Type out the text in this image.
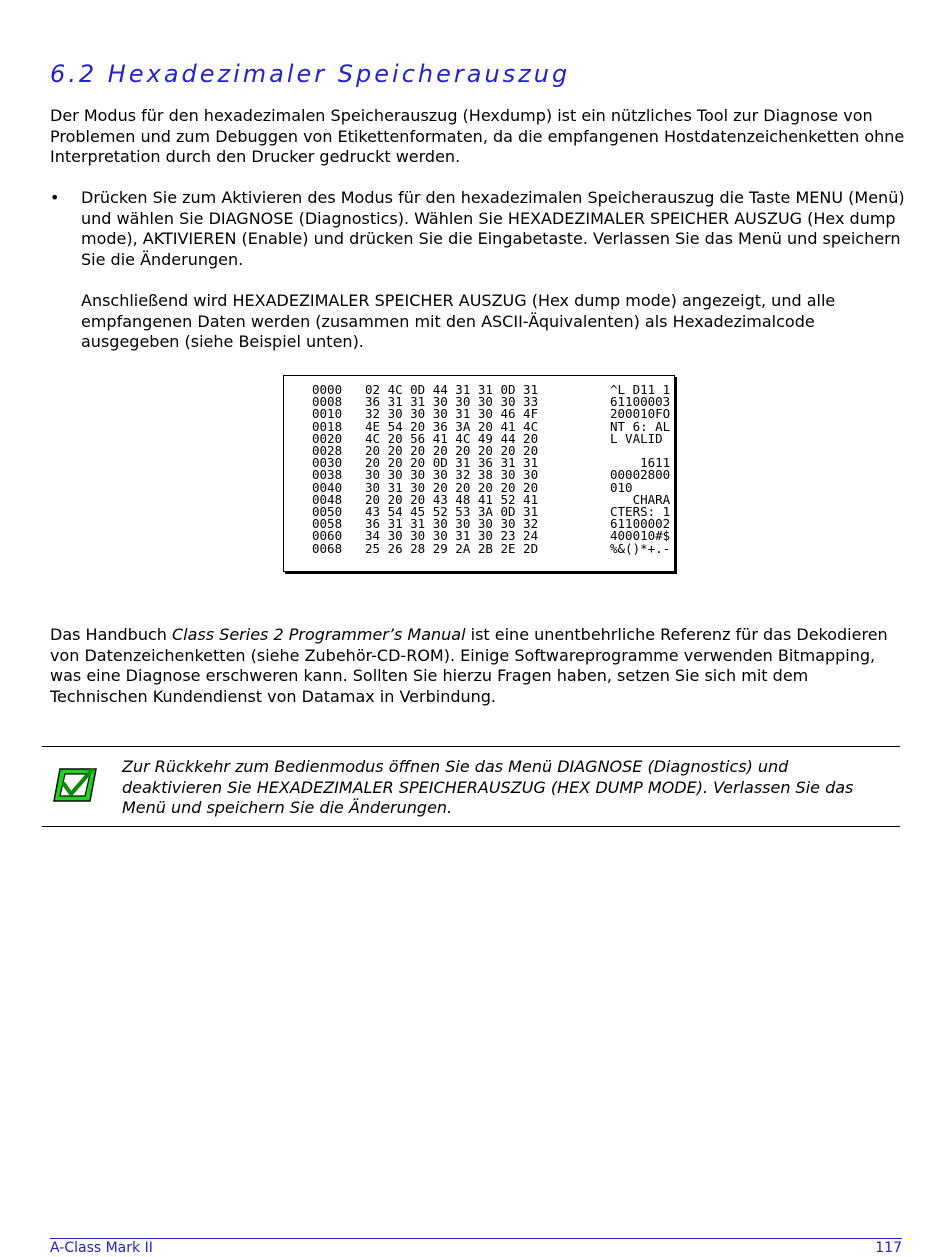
6.2 Hexadezimaler Speicherauszug

Der Modus für den hexadezimalen Speicherauszug (Hexdump) ist ein nützliches Tool zur Diagnose von Problemen und zum Debuggen von Etikettenformaten, da die empfangenen Hostdatenzeichenketten ohne Interpretation durch den Drucker gedruckt werden.

• Drücken Sie zum Aktivieren des Modus für den hexadezimalen Speicherauszug die Taste MENU (Menü) und wählen Sie DIAGNOSE (Diagnostics). Wählen Sie HEXADEZIMALER SPEICHER AUSZUG (Hex dump mode), AKTIVIEREN (Enable) und drücken Sie die Eingabetaste. Verlassen Sie das Menü und speichern Sie die Änderungen.

Anschließend wird HEXADEZIMALER SPEICHER AUSZUG (Hex dump mode) angezeigt, und alle empfangenen Daten werden (zusammen mit den ASCII-Äquivalenten) als Hexadezimalcode ausgegeben (siehe Beispiel unten).

0000 02 4C 0D 44 31 31 0D 31	^L D11 1
0008 36 31 31 30 30 30 30 33	61100003
0010 32 30 30 30 31 30 46 4F	200010FO
0018 4E 54 20 36 3A 20 41 4C	NT 6: AL
0020 4C 20 56 41 4C 49 44 20	L VALID
0028 20 20 20 20 20 20 20 20
0030 20 20 20 0D 31 36 31 31	1611
0038 30 30 30 30 32 38 30 30	00002800
0040 30 31 30 20 20 20 20 20	010
0048 20 20 20 43 48 41 52 41	CHARA
0050 43 54 45 52 53 3A 0D 31	CTERS: 1
0058 36 31 31 30 30 30 30 32	61100002
0060 34 30 30 30 31 30 23 24	400010#$
0068 25 26 28 29 2A 2B 2E 2D	%&()*+.-

Das Handbuch Class Series 2 Programmer’s Manual ist eine unentbehrliche Referenz für das Dekodieren von Datenzeichenketten (siehe Zubehör-CD-ROM). Einige Softwareprogramme verwenden Bitmapping, was eine Diagnose erschweren kann. Sollten Sie hierzu Fragen haben, setzen Sie sich mit dem Technischen Kundendienst von Datamax in Verbindung.

Zur Rückkehr zum Bedienmodus öffnen Sie das Menü DIAGNOSE (Diagnostics) und deaktivieren Sie HEXADEZIMALER SPEICHERAUSZUG (HEX DUMP MODE). Verlassen Sie das Menü und speichern Sie die Änderungen.

A-Class Mark II	117
